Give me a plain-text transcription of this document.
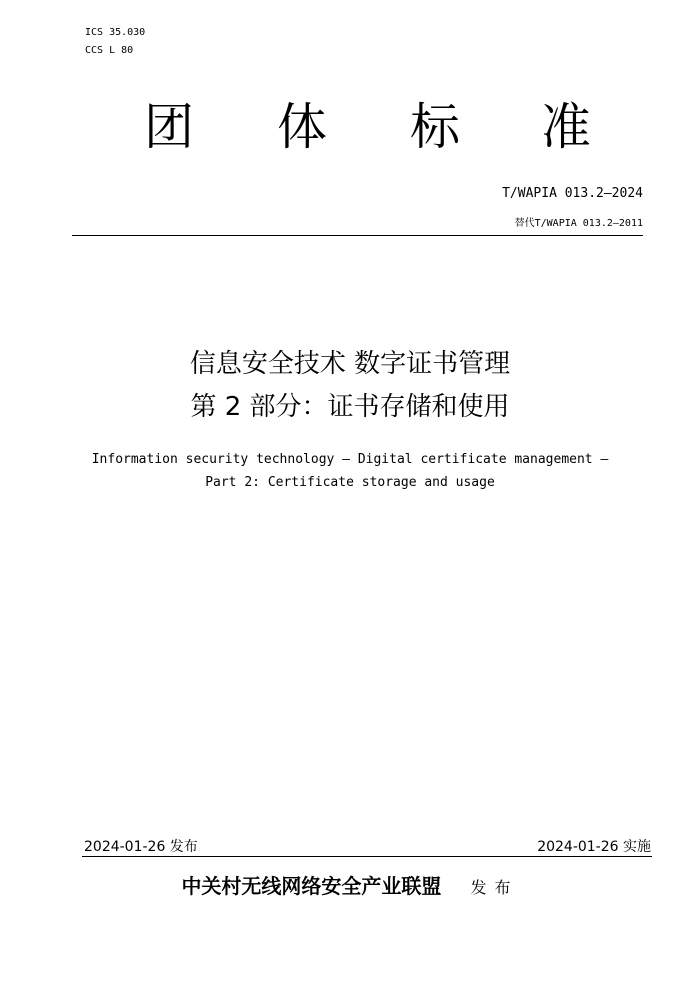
ICS 35.030
CCS L 80
团 体 标 准
T/WAPIA 013.2—2024
替代T/WAPIA 013.2—2011
信息安全技术 数字证书管理
第 2 部分：证书存储和使用
Information security technology — Digital certificate management —
Part 2: Certificate storage and usage
2024-01-26 发布	2024-01-26 实施
中关村无线网络安全产业联盟 发布
